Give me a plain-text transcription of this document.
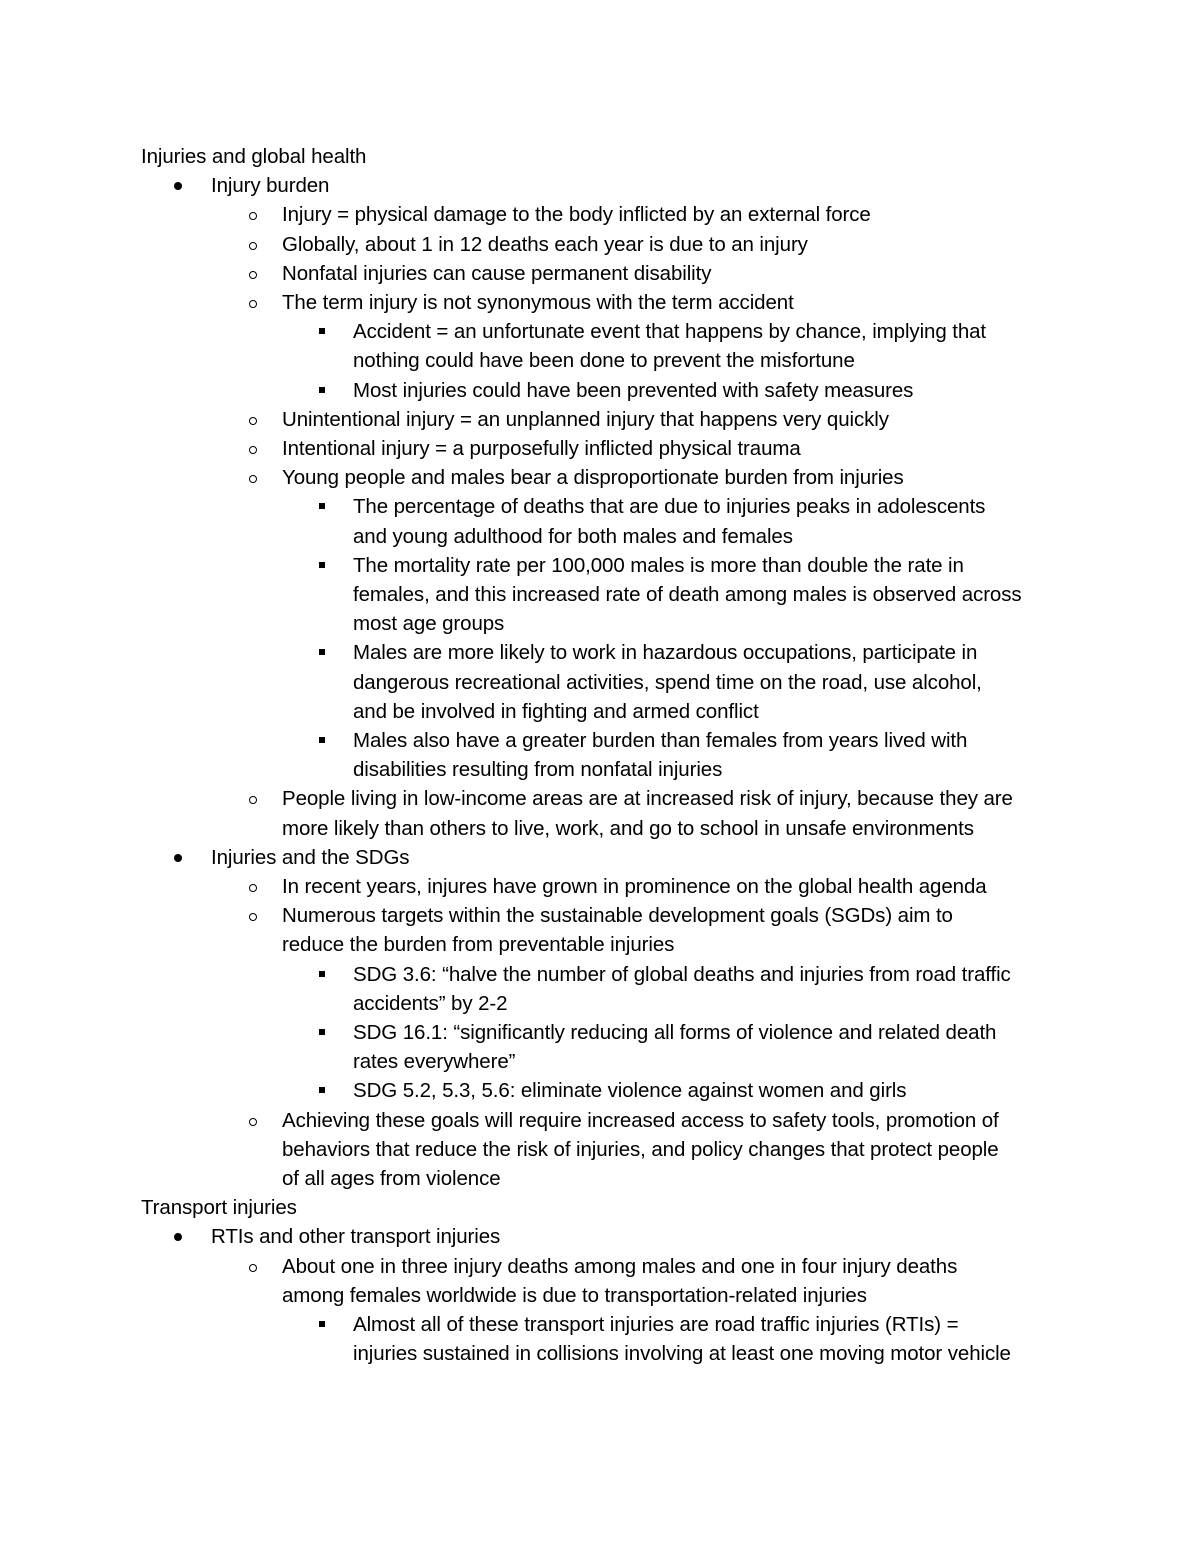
Injuries and global health
Injury burden
Injury = physical damage to the body inflicted by an external force
Globally, about 1 in 12 deaths each year is due to an injury
Nonfatal injuries can cause permanent disability
The term injury is not synonymous with the term accident
Accident = an unfortunate event that happens by chance, implying that
nothing could have been done to prevent the misfortune
Most injuries could have been prevented with safety measures
Unintentional injury = an unplanned injury that happens very quickly
Intentional injury = a purposefully inflicted physical trauma
Young people and males bear a disproportionate burden from injuries
The percentage of deaths that are due to injuries peaks in adolescents
and young adulthood for both males and females
The mortality rate per 100,000 males is more than double the rate in
females, and this increased rate of death among males is observed across
most age groups
Males are more likely to work in hazardous occupations, participate in
dangerous recreational activities, spend time on the road, use alcohol,
and be involved in fighting and armed conflict
Males also have a greater burden than females from years lived with
disabilities resulting from nonfatal injuries
People living in low-income areas are at increased risk of injury, because they are
more likely than others to live, work, and go to school in unsafe environments
Injuries and the SDGs
In recent years, injures have grown in prominence on the global health agenda
Numerous targets within the sustainable development goals (SGDs) aim to
reduce the burden from preventable injuries
SDG 3.6: “halve the number of global deaths and injuries from road traffic
accidents” by 2-2
SDG 16.1: “significantly reducing all forms of violence and related death
rates everywhere”
SDG 5.2, 5.3, 5.6: eliminate violence against women and girls
Achieving these goals will require increased access to safety tools, promotion of
behaviors that reduce the risk of injuries, and policy changes that protect people
of all ages from violence
Transport injuries
RTIs and other transport injuries
About one in three injury deaths among males and one in four injury deaths
among females worldwide is due to transportation-related injuries
Almost all of these transport injuries are road traffic injuries (RTIs) =
injuries sustained in collisions involving at least one moving motor vehicle
